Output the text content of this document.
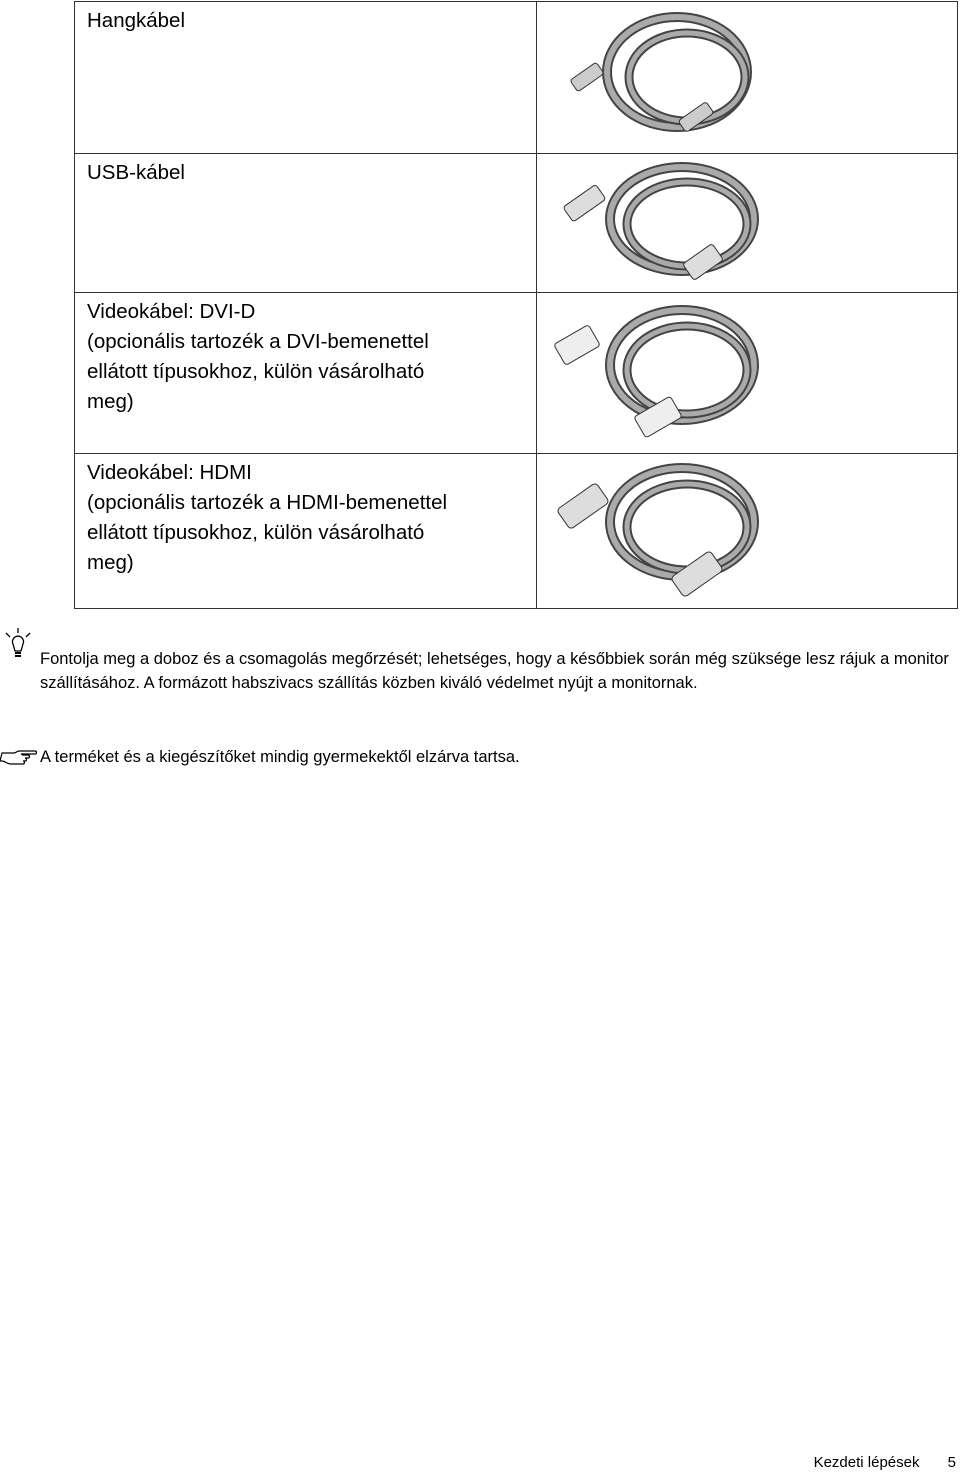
Hangkábel

USB-kábel

Videokábel: DVI-D
(opcionális tartozék a DVI-bemenettel
ellátott típusokhoz, külön vásárolható
meg)

Videokábel: HDMI
(opcionális tartozék a HDMI-bemenettel
ellátott típusokhoz, külön vásárolható
meg)

Fontolja meg a doboz és a csomagolás megőrzését; lehetséges, hogy a későbbiek során még szüksége lesz rájuk a monitor szállításához. A formázott habszivacs szállítás közben kiváló védelmet nyújt a monitornak.

A terméket és a kiegészítőket mindig gyermekektől elzárva tartsa.

Kezdeti lépések 5
